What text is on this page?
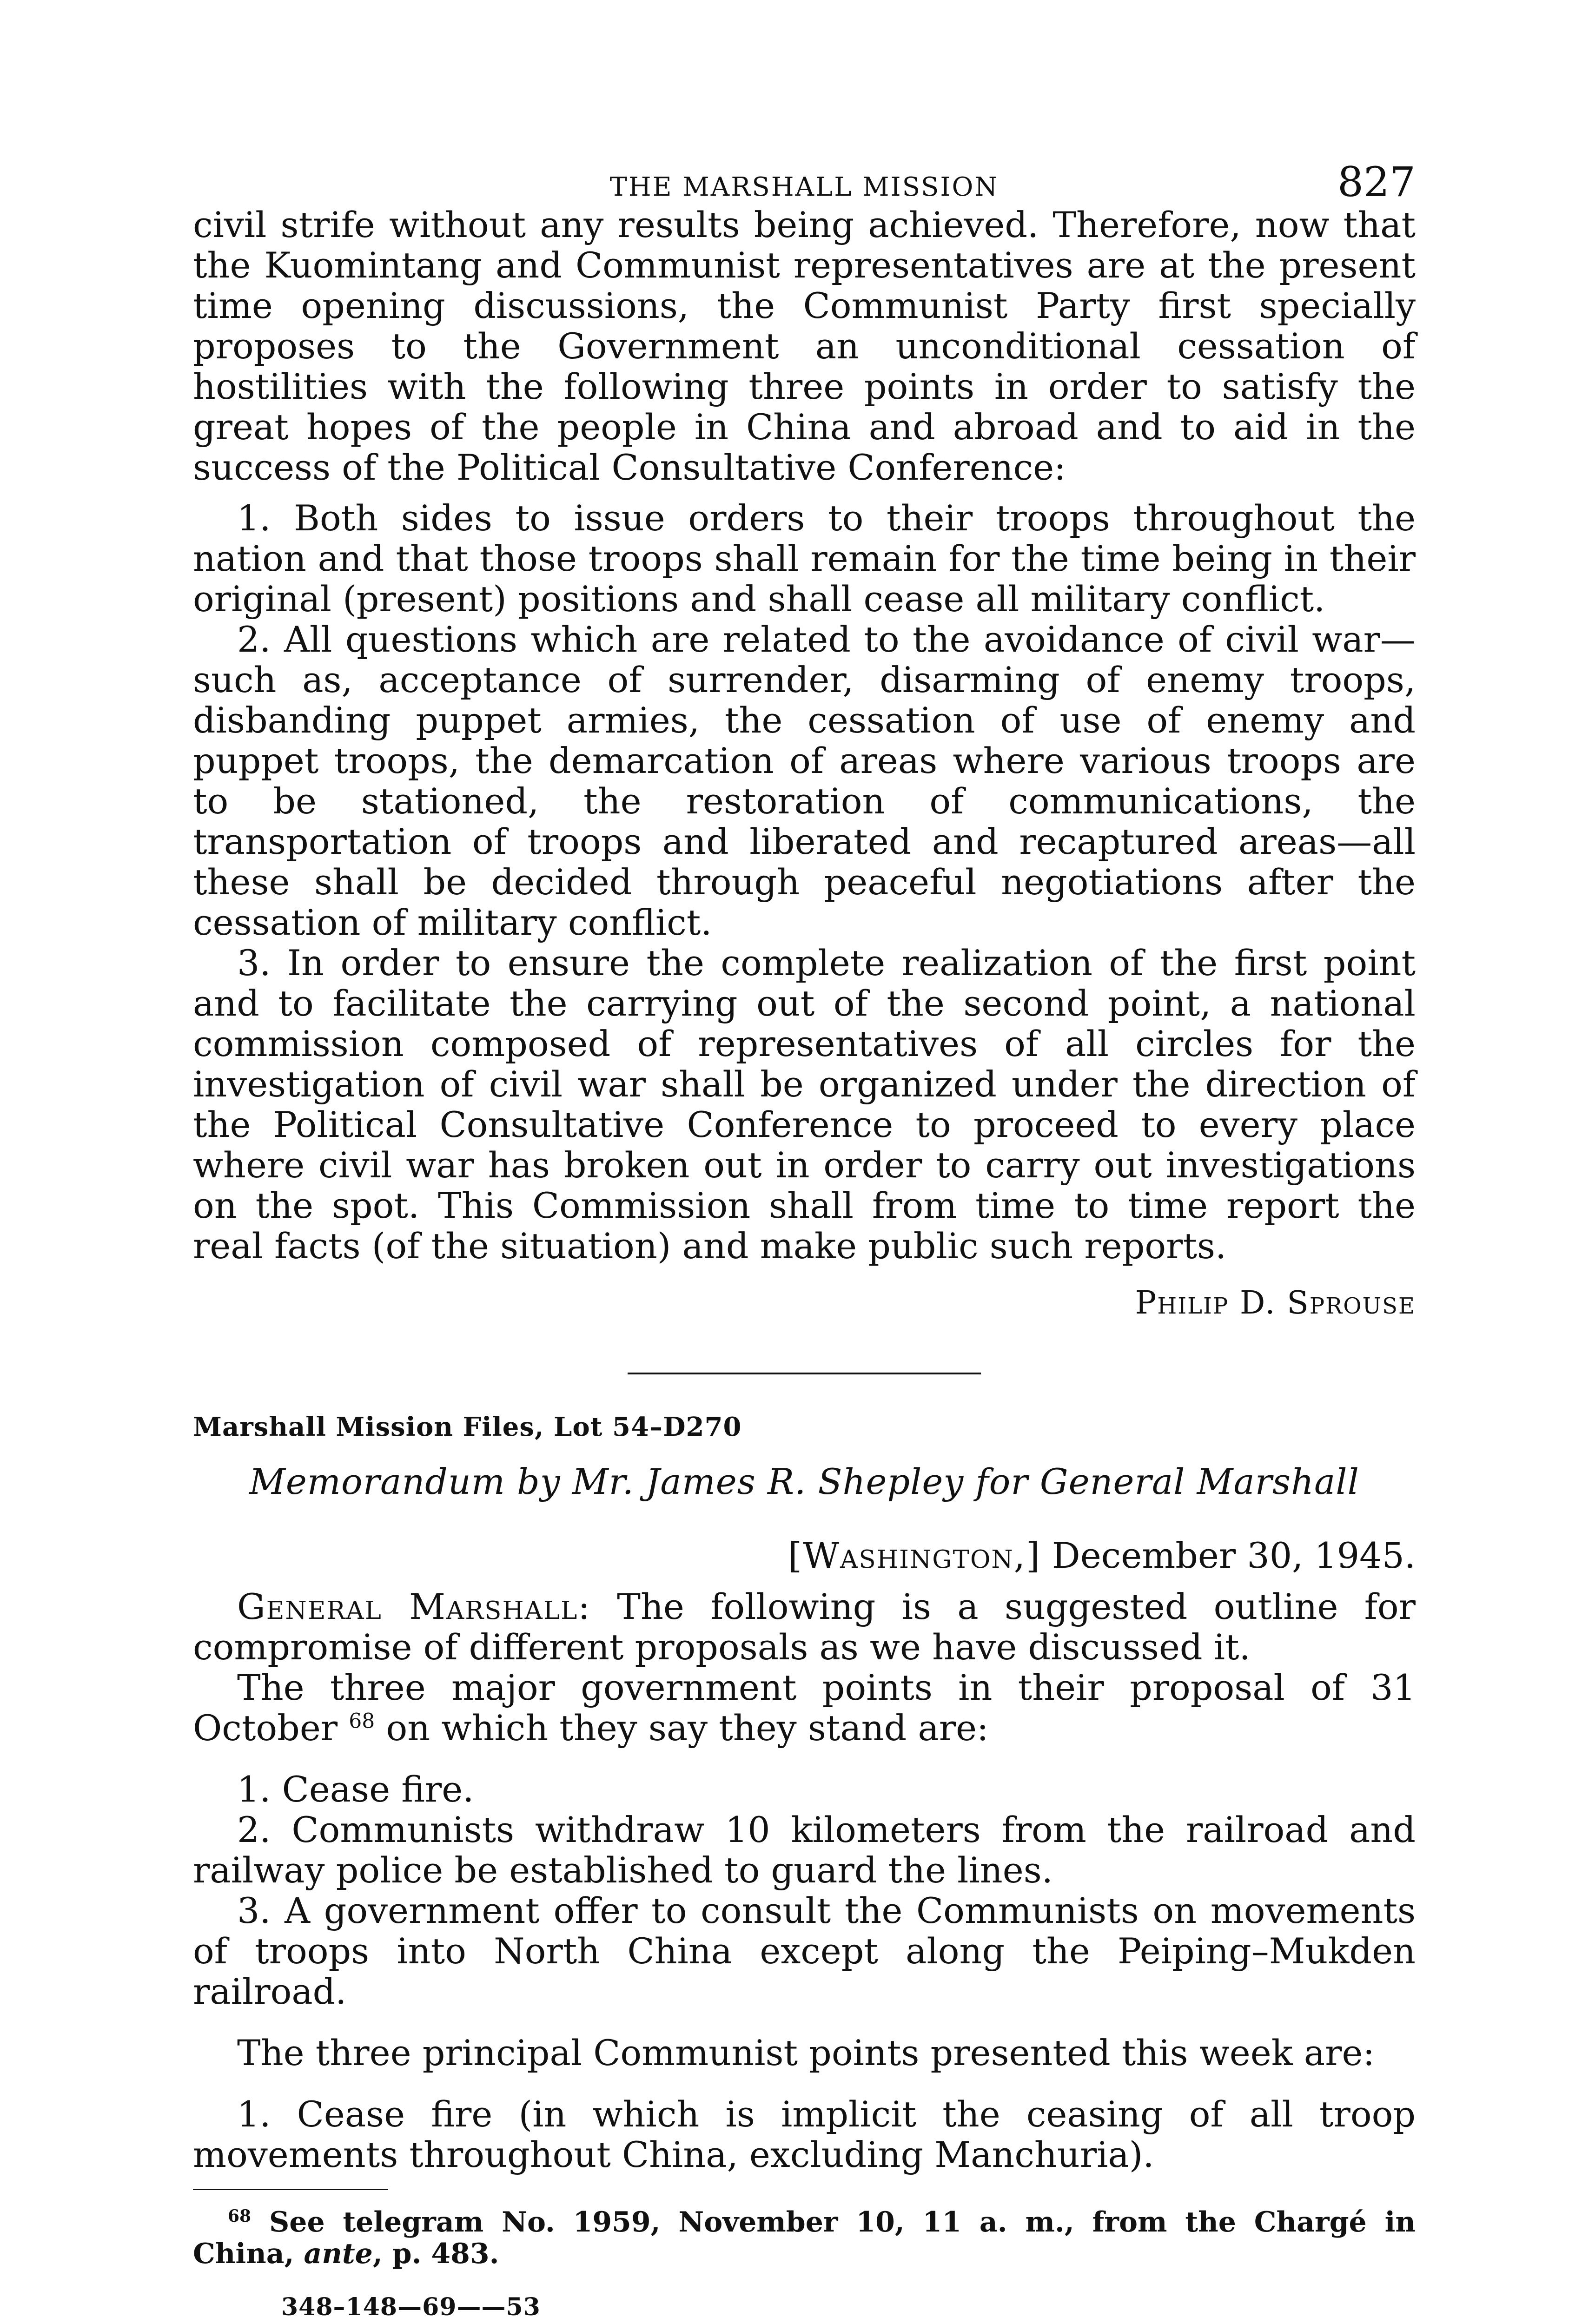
THE MARSHALL MISSION	827

civil strife without any results being achieved. Therefore, now that the Kuomintang and Communist representatives are at the present time opening discussions, the Communist Party first specially proposes to the Government an unconditional cessation of hostilities with the following three points in order to satisfy the great hopes of the people in China and abroad and to aid in the success of the Political Consultative Conference:

1. Both sides to issue orders to their troops throughout the nation and that those troops shall remain for the time being in their original (present) positions and shall cease all military conflict.

2. All questions which are related to the avoidance of civil war—such as, acceptance of surrender, disarming of enemy troops, disbanding puppet armies, the cessation of use of enemy and puppet troops, the demarcation of areas where various troops are to be stationed, the restoration of communications, the transportation of troops and liberated and recaptured areas—all these shall be decided through peaceful negotiations after the cessation of military conflict.

3. In order to ensure the complete realization of the first point and to facilitate the carrying out of the second point, a national commission composed of representatives of all circles for the investigation of civil war shall be organized under the direction of the Political Consultative Conference to proceed to every place where civil war has broken out in order to carry out investigations on the spot. This Commission shall from time to time report the real facts (of the situation) and make public such reports.

Philip D. Sprouse
Marshall Mission Files, Lot 54–D270
Memorandum by Mr. James R. Shepley for General Marshall
[Washington,] December 30, 1945.

General Marshall: The following is a suggested outline for compromise of different proposals as we have discussed it.

The three major government points in their proposal of 31 October $^{68}$ on which they say they stand are:

1. Cease fire.

2. Communists withdraw 10 kilometers from the railroad and railway police be established to guard the lines.

3. A government offer to consult the Communists on movements of troops into North China except along the Peiping–Mukden railroad.

The three principal Communist points presented this week are:

1. Cease fire (in which is implicit the ceasing of all troop movements throughout China, excluding Manchuria).

$^{68}$ See telegram No. 1959, November 10, 11 a. m., from the Chargé in China, ante, p. 483.

348–148—69——53
